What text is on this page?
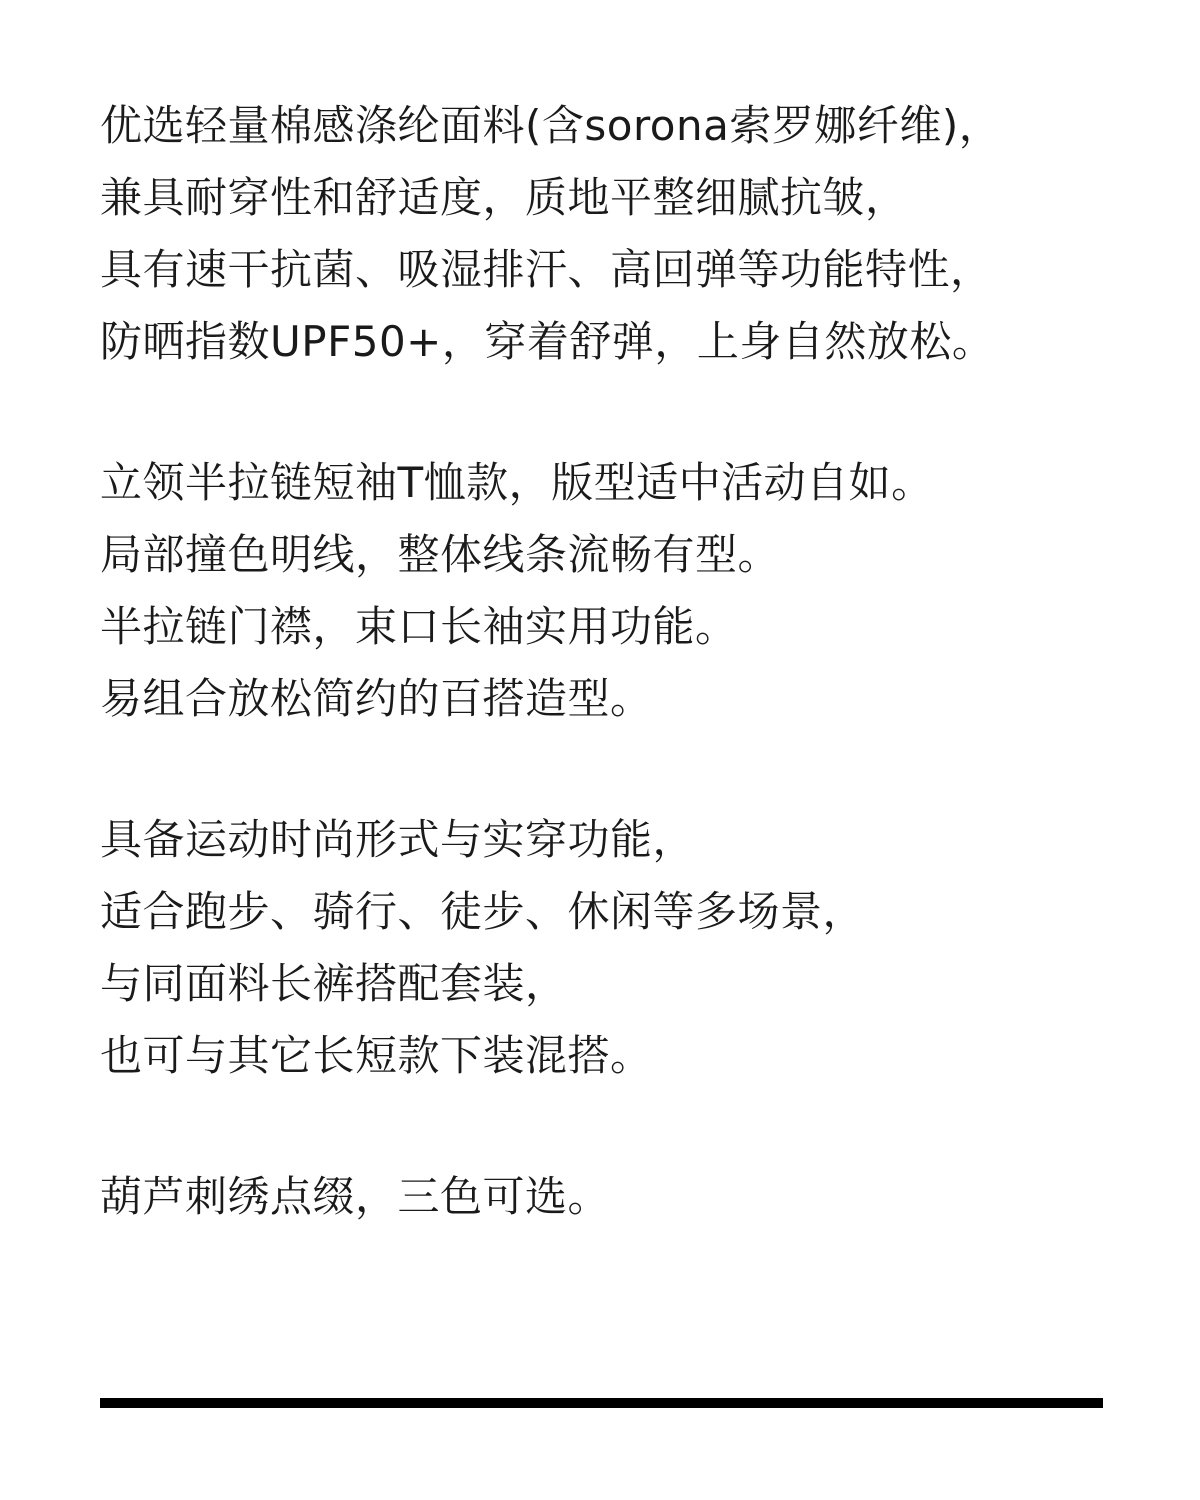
优选轻量棉感涤纶面料(含sorona索罗娜纤维)，
兼具耐穿性和舒适度，质地平整细腻抗皱，
具有速干抗菌、吸湿排汗、高回弹等功能特性，
防晒指数UPF50+，穿着舒弹，上身自然放松。
立领半拉链短袖T恤款，版型适中活动自如。
局部撞色明线，整体线条流畅有型。
半拉链门襟，束口长袖实用功能。
易组合放松简约的百搭造型。
具备运动时尚形式与实穿功能，
适合跑步、骑行、徒步、休闲等多场景，
与同面料长裤搭配套装，
也可与其它长短款下装混搭。
葫芦刺绣点缀，三色可选。
